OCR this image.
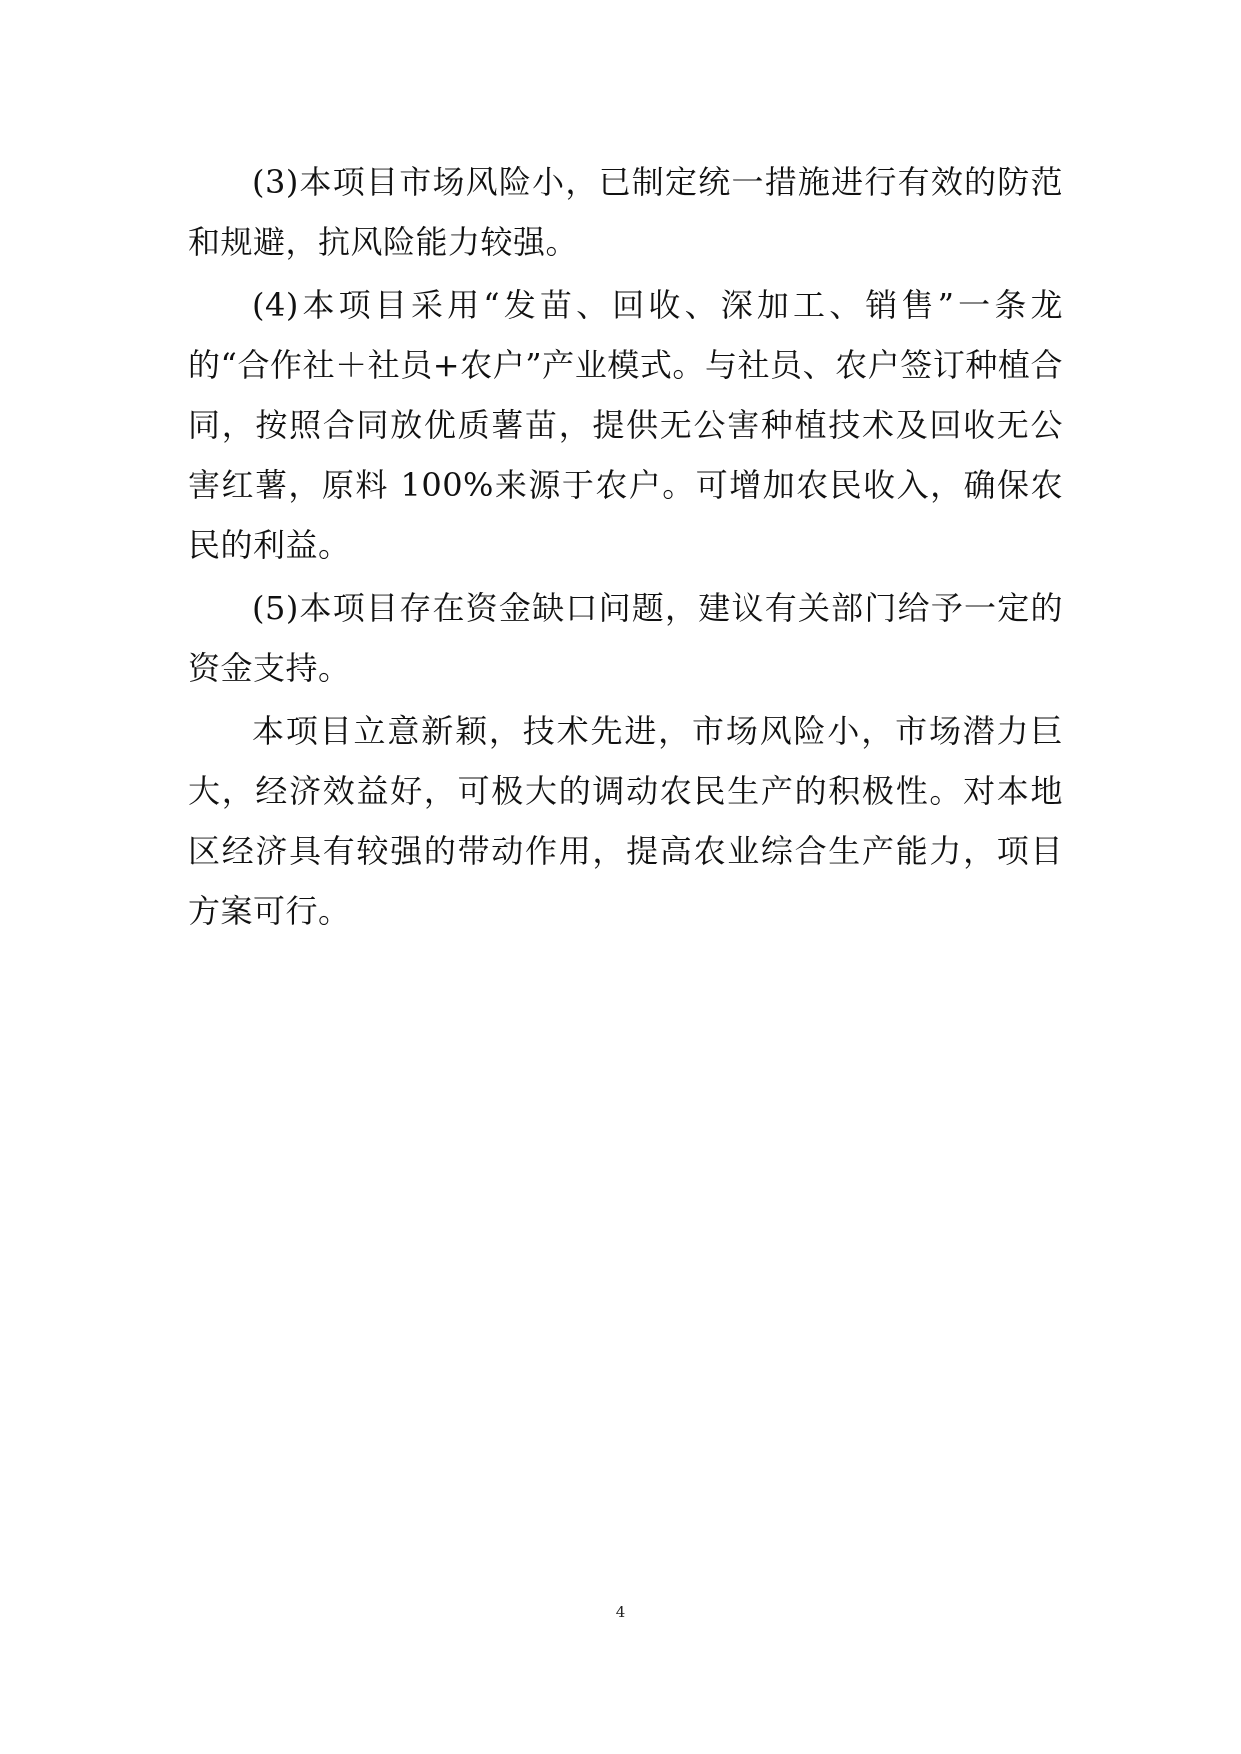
(3)本项目市场风险小，已制定统一措施进行有效的防范和规避，抗风险能力较强。

(4)本项目采用“发苗、回收、深加工、销售”一条龙的“合作社＋社员+农户”产业模式。与社员、农户签订种植合同，按照合同放优质薯苗，提供无公害种植技术及回收无公害红薯，原料 100%来源于农户。可增加农民收入，确保农民的利益。

(5)本项目存在资金缺口问题，建议有关部门给予一定的资金支持。

本项目立意新颖，技术先进，市场风险小，市场潜力巨大，经济效益好，可极大的调动农民生产的积极性。对本地区经济具有较强的带动作用，提高农业综合生产能力，项目方案可行。

4
